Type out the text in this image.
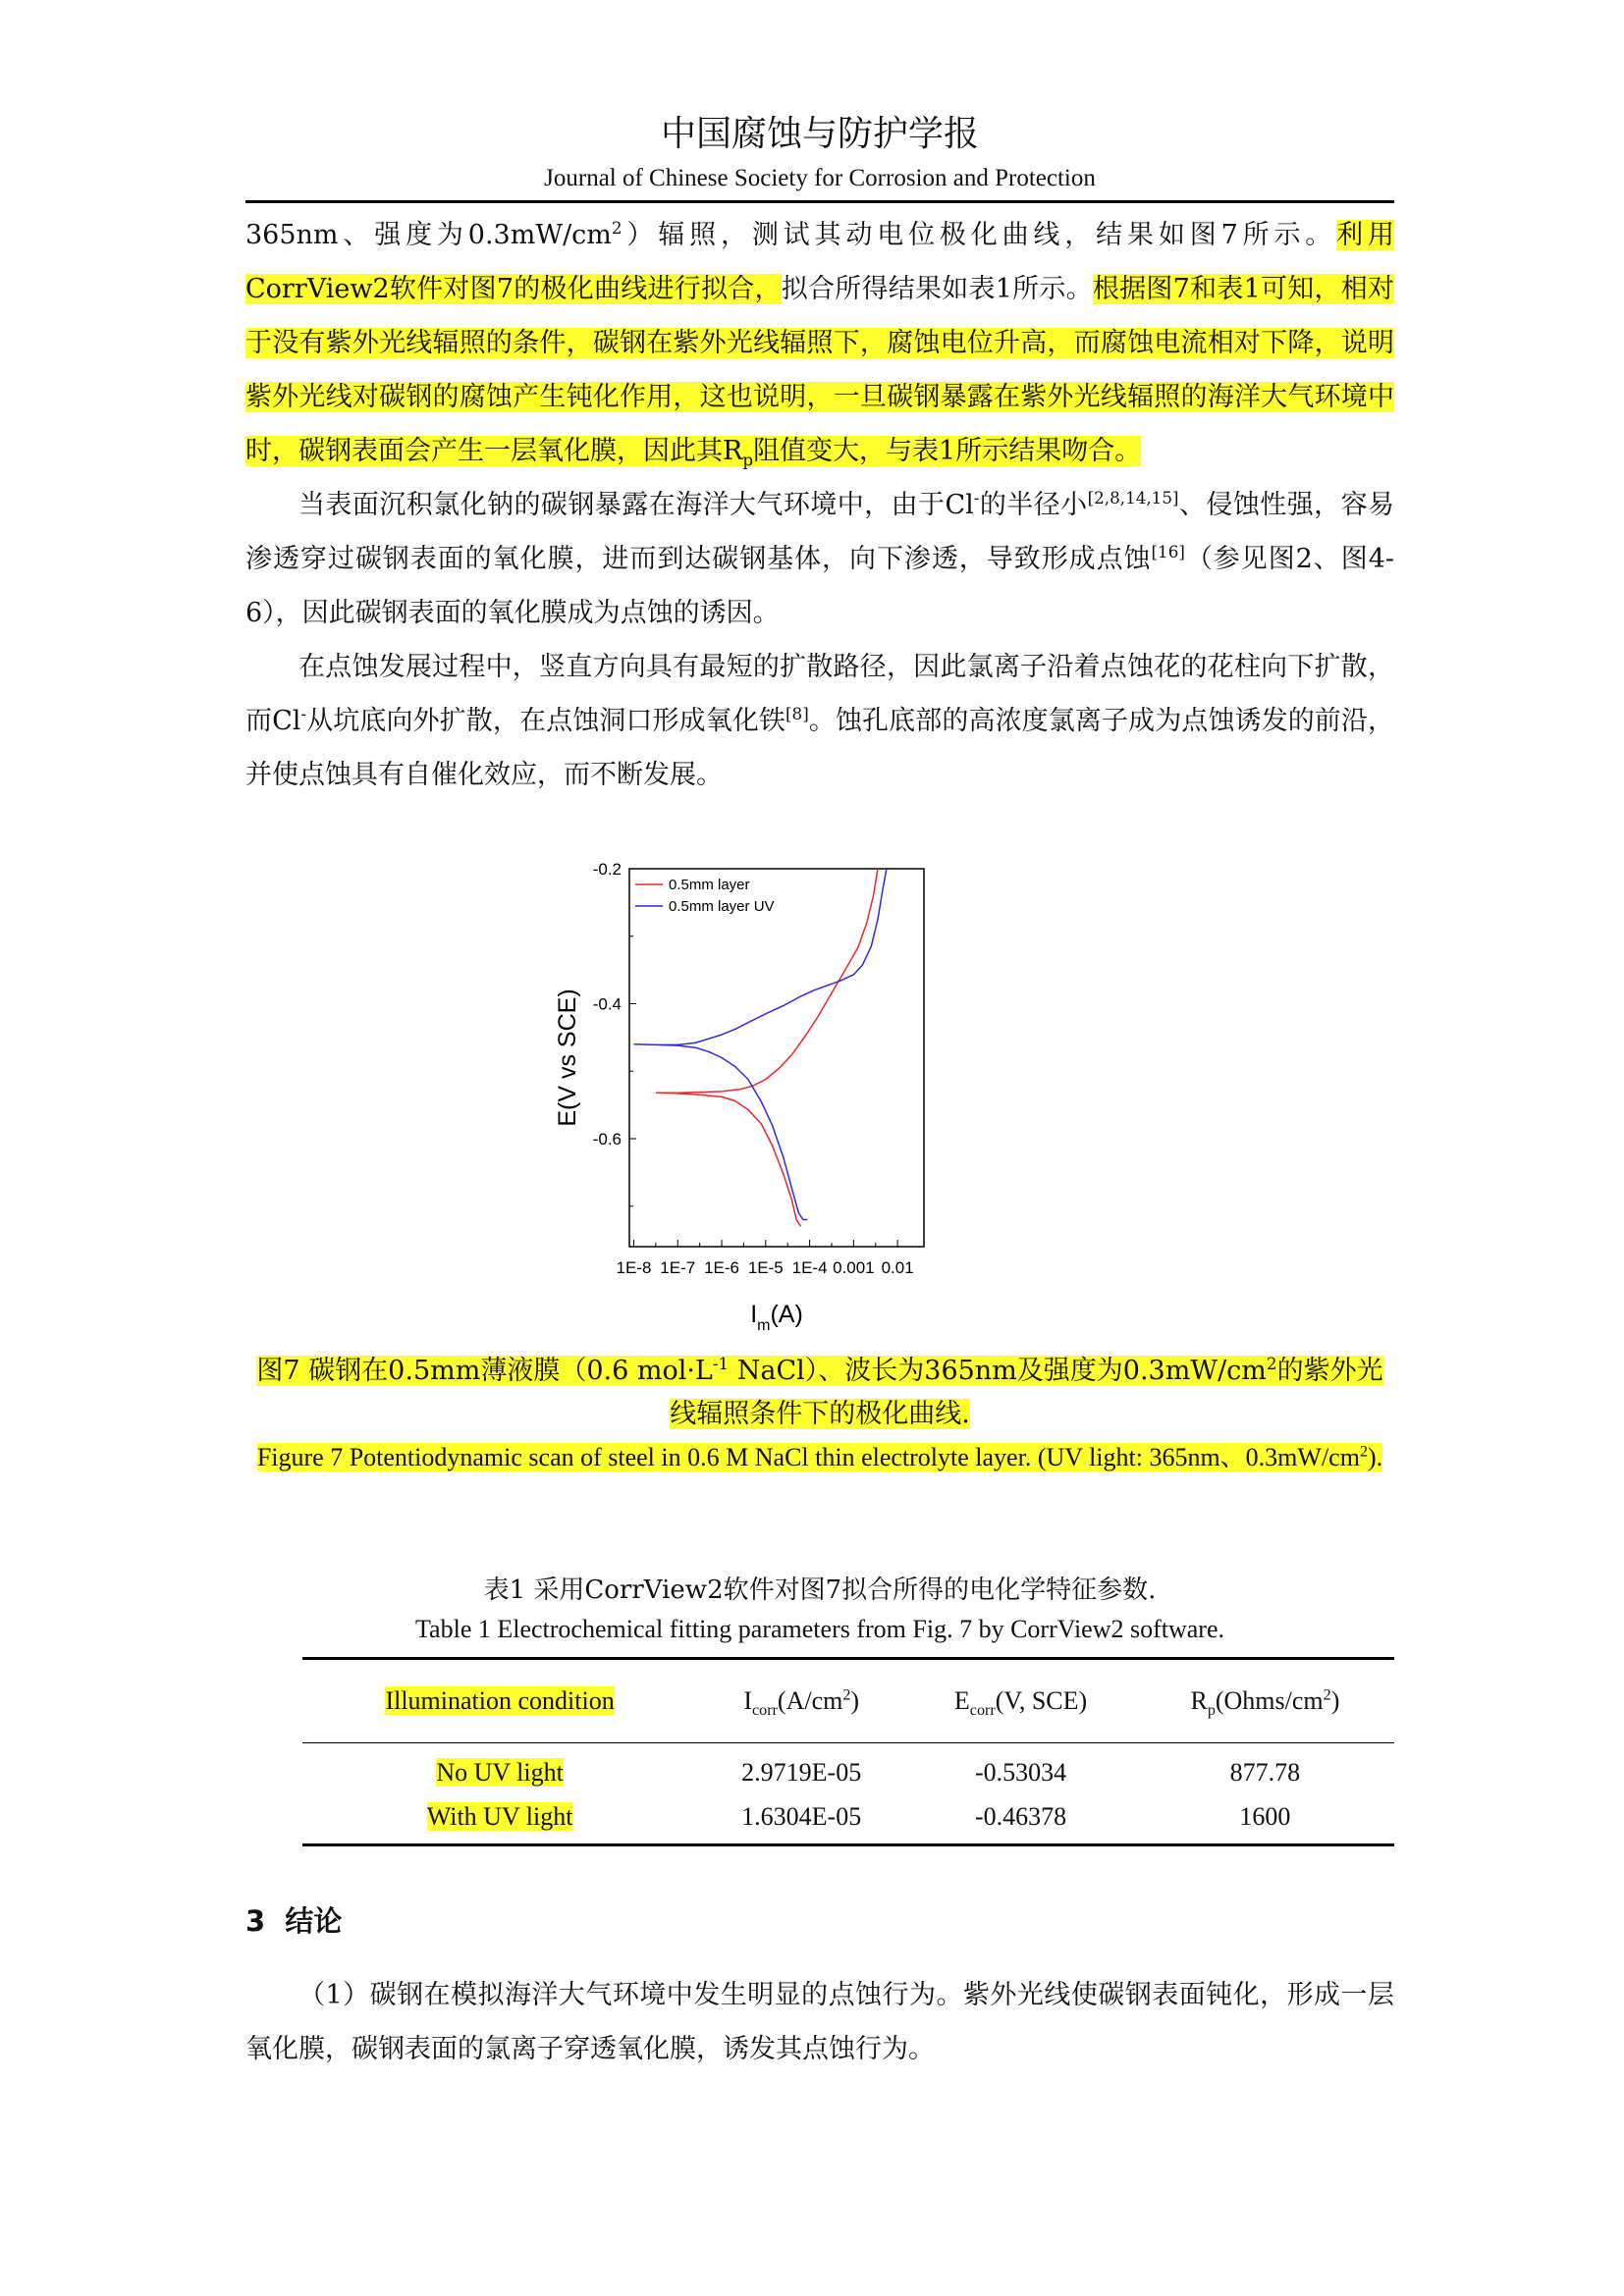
中国腐蚀与防护学报
Journal of Chinese Society for Corrosion and Protection

365nm、强度为$0.3mW/cm^2$）辐照，测试其动电位极化曲线，结果如图7所示。利用CorrView2软件对图7的极化曲线进行拟合，拟合所得结果如表1所示。根据图7和表1可知，相对于没有紫外光线辐照的条件，碳钢在紫外光线辐照下，腐蚀电位升高，而腐蚀电流相对下降，说明紫外光线对碳钢的腐蚀产生钝化作用，这也说明，一旦碳钢暴露在紫外光线辐照的海洋大气环境中时，碳钢表面会产生一层氧化膜，因此其$R_p$阻值变大，与表1所示结果吻合。

当表面沉积氯化钠的碳钢暴露在海洋大气环境中，由于Cl-的半径小[2,8,14,15]、侵蚀性强，容易渗透穿过碳钢表面的氧化膜，进而到达碳钢基体，向下渗透，导致形成点蚀[16]（参见图2、图4-6），因此碳钢表面的氧化膜成为点蚀的诱因。

在点蚀发展过程中，竖直方向具有最短的扩散路径，因此氯离子沿着点蚀花的花柱向下扩散，而Cl-从坑底向外扩散，在点蚀洞口形成氧化铁[8]。蚀孔底部的高浓度氯离子成为点蚀诱发的前沿，并使点蚀具有自催化效应，而不断发展。

1E-8 1E-7 1E-6 1E-5 1E-4 0.001 0.01
-0.2
-0.4
-0.6
E(V vs SCE)
$I_m(A)$
0.5mm layer
0.5mm layer UV
图7 碳钢在0.5mm薄液膜（0.6 $mol\cdot L^{-1}$ NaCl）、波长为365nm及强度为$0.3mW/cm^2$的紫外光线辐照条件下的极化曲线.
Figure 7 Potentiodynamic scan of steel in 0.6 M NaCl thin electrolyte layer. (UV light: 365nm、$0.3mW/cm^2$).
表1 采用CorrView2软件对图7拟合所得的电化学特征参数.
Table 1 Electrochemical fitting parameters from Fig. 7 by CorrView2 software.
Illumination condition	$I_{corr}(A/cm^2)$	$E_{corr}(V$, SCE)	$R_p(Ohms/cm^2)$
No UV light	2.9719E-05	-0.53034	877.78
With UV light	1.6304E-05	-0.46378	1600
3 结论

（1）碳钢在模拟海洋大气环境中发生明显的点蚀行为。紫外光线使碳钢表面钝化，形成一层氧化膜，碳钢表面的氯离子穿透氧化膜，诱发其点蚀行为。
